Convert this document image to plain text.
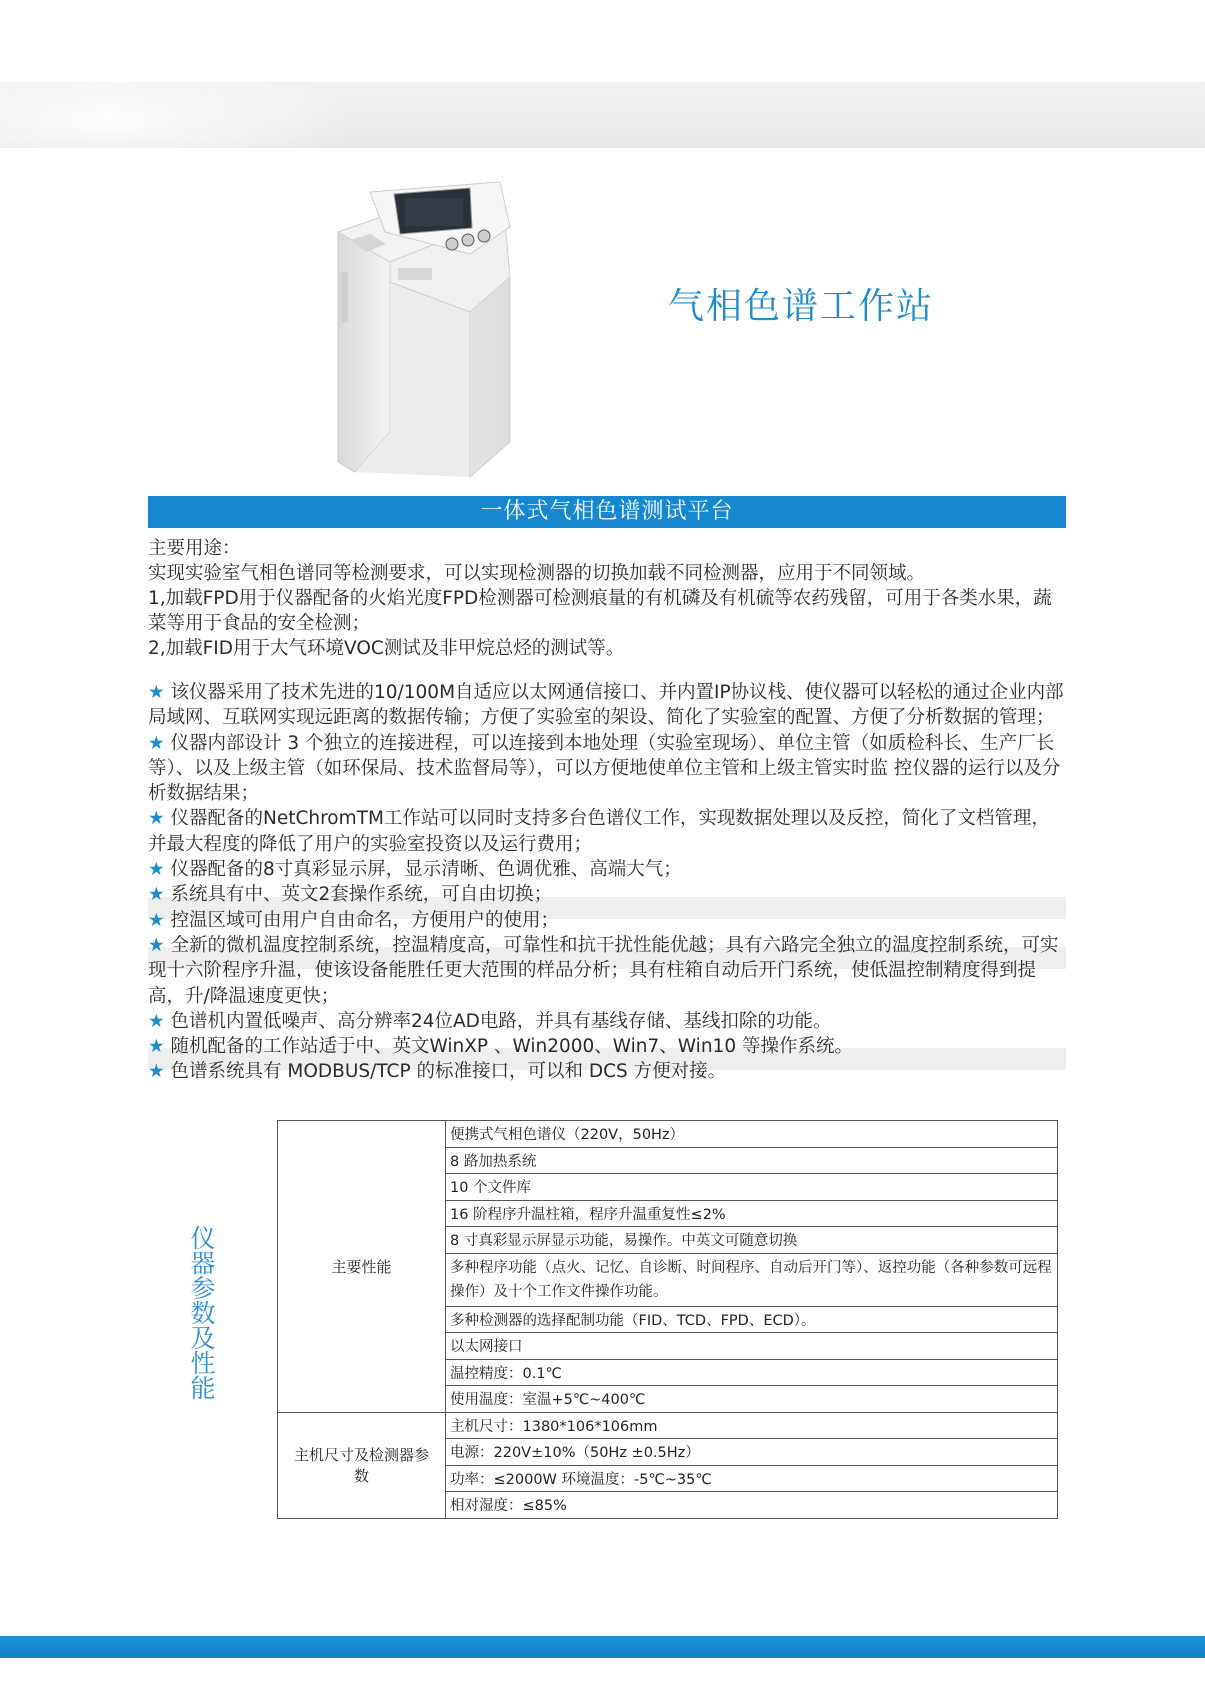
气相色谱工作站
一体式气相色谱测试平台

主要用途：

实现实验室气相色谱同等检测要求，可以实现检测器的切换加载不同检测器，应用于不同领域。

1,加载FPD用于仪器配备的火焰光度FPD检测器可检测痕量的有机磷及有机硫等农药残留，可用于各类水果，蔬菜等用于食品的安全检测；

2,加载FID用于大气环境VOC测试及非甲烷总烃的测试等。

★ 该仪器采用了技术先进的10/100M自适应以太网通信接口、并内置IP协议栈、使仪器可以轻松的通过企业内部局域网、互联网实现远距离的数据传输；方便了实验室的架设、简化了实验室的配置、方便了分析数据的管理；

★ 仪器内部设计 3 个独立的连接进程，可以连接到本地处理（实验室现场）、单位主管（如质检科长、生产厂长等）、以及上级主管（如环保局、技术监督局等），可以方便地使单位主管和上级主管实时监 控仪器的运行以及分析数据结果；

★ 仪器配备的NetChromTM工作站可以同时支持多台色谱仪工作，实现数据处理以及反控，简化了文档管理，并最大程度的降低了用户的实验室投资以及运行费用；

★ 仪器配备的8寸真彩显示屏，显示清晰、色调优雅、高端大气；

★ 系统具有中、英文2套操作系统，可自由切换；

★ 控温区域可由用户自由命名，方便用户的使用；

★ 全新的微机温度控制系统，控温精度高，可靠性和抗干扰性能优越；具有六路完全独立的温度控制系统，可实现十六阶程序升温，使该设备能胜任更大范围的样品分析；具有柱箱自动后开门系统，使低温控制精度得到提高，升/降温速度更快；

★ 色谱机内置低噪声、高分辨率24位AD电路，并具有基线存储、基线扣除的功能。

★ 随机配备的工作站适于中、英文WinXP 、Win2000、Win7、Win10 等操作系统。

★ 色谱系统具有 MODBUS/TCP 的标准接口，可以和 DCS 方便对接。

仪
器
参
数
及
性
能
主要性能	便携式气相色谱仪（220V，50Hz）
	8 路加热系统
	10 个文件库
	16 阶程序升温柱箱，程序升温重复性≤2%
	8 寸真彩显示屏显示功能，易操作。中英文可随意切换
	多种程序功能（点火、记忆、自诊断、时间程序、自动后开门等）、返控功能（各种参数可远程操作）及十个工作文件操作功能。
	多种检测器的选择配制功能（FID、TCD、FPD、ECD）。
	以太网接口
	温控精度：0.1℃
	使用温度：室温+5℃~400℃
主机尺寸及检测器参数	主机尺寸：1380*106*106mm
	电源：220V±10%（50Hz ±0.5Hz）
	功率：≤2000W 环境温度：-5℃~35℃
	相对湿度：≤85%
